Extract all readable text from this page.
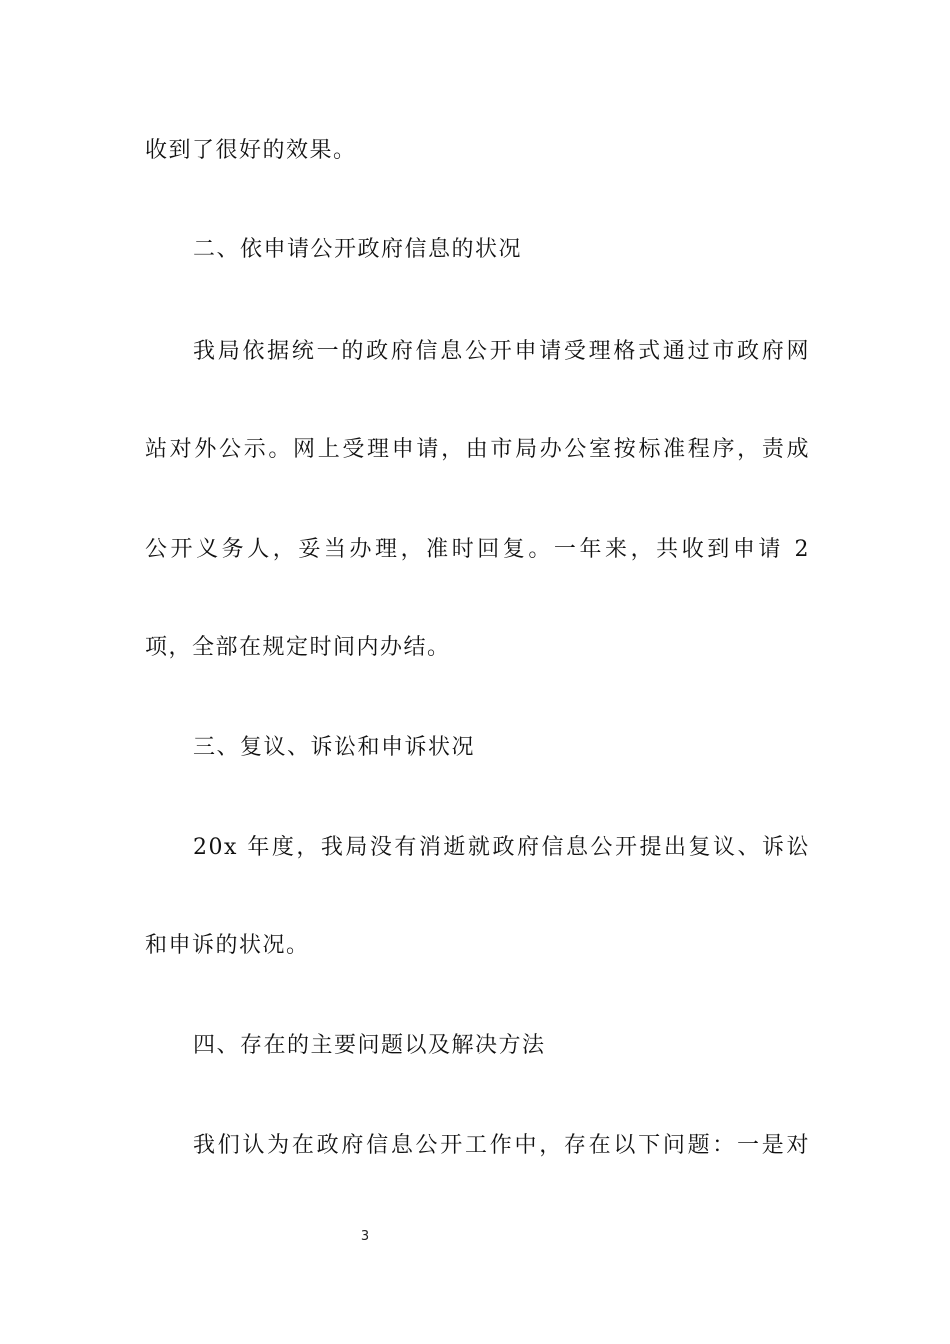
收到了很好的效果。
二、依申请公开政府信息的状况
我局依据统一的政府信息公开申请受理格式通过市政府网
站对外公示。网上受理申请，由市局办公室按标准程序，责成
公开义务人，妥当办理，准时回复。一年来，共收到申请 2
项，全部在规定时间内办结。
三、复议、诉讼和申诉状况
20x 年度，我局没有消逝就政府信息公开提出复议、诉讼
和申诉的状况。
四、存在的主要问题以及解决方法
我们认为在政府信息公开工作中，存在以下问题：一是对
3
